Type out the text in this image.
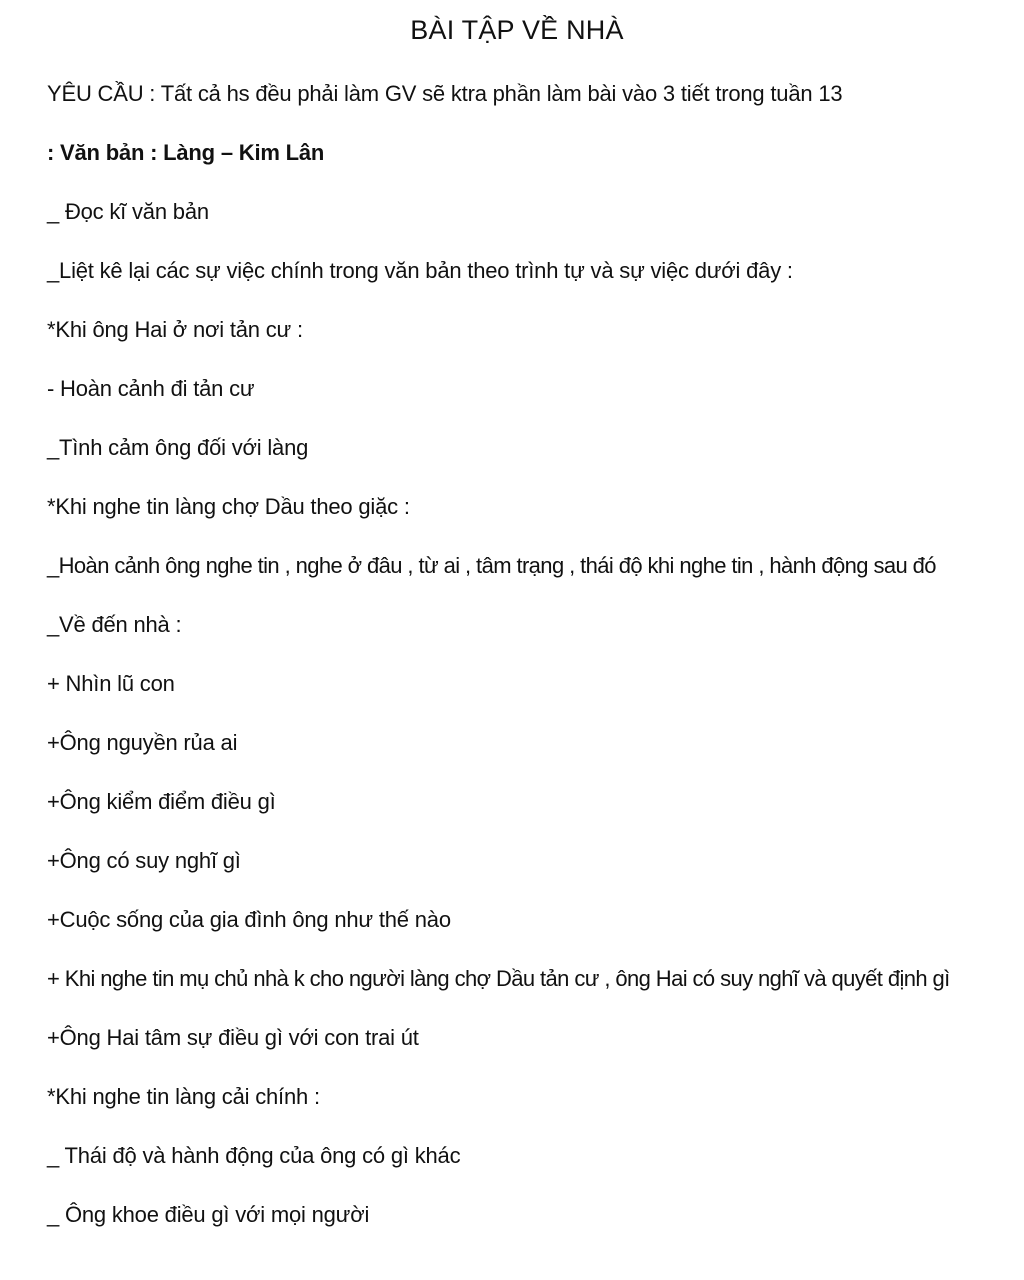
BÀI TẬP VỀ NHÀ
YÊU CẦU : Tất cả hs đều phải làm GV sẽ ktra phần làm bài vào 3 tiết trong tuần 13
: Văn bản : Làng – Kim Lân
_ Đọc kĩ văn bản
_Liệt kê lại các sự việc chính trong văn bản theo trình tự và sự việc dưới đây :
*Khi ông Hai ở nơi tản cư :
- Hoàn cảnh đi tản cư
_Tình cảm ông đối với làng
*Khi nghe tin làng chợ Dầu theo giặc :
_Hoàn cảnh ông nghe tin , nghe ở đâu , từ ai , tâm trạng , thái độ khi nghe tin , hành động sau đó
_Về đến nhà :
+ Nhìn lũ con
+Ông nguyền rủa ai
+Ông kiểm điểm điều gì
+Ông có suy nghĩ gì
+Cuộc sống của gia đình ông như thế nào
+ Khi nghe tin mụ chủ nhà k cho người làng chợ Dầu tản cư , ông Hai có suy nghĩ và quyết định gì
+Ông Hai tâm sự điều gì với con trai út
*Khi nghe tin làng cải chính :
_ Thái độ và hành động của ông có gì khác
_ Ông khoe điều gì với mọi người
